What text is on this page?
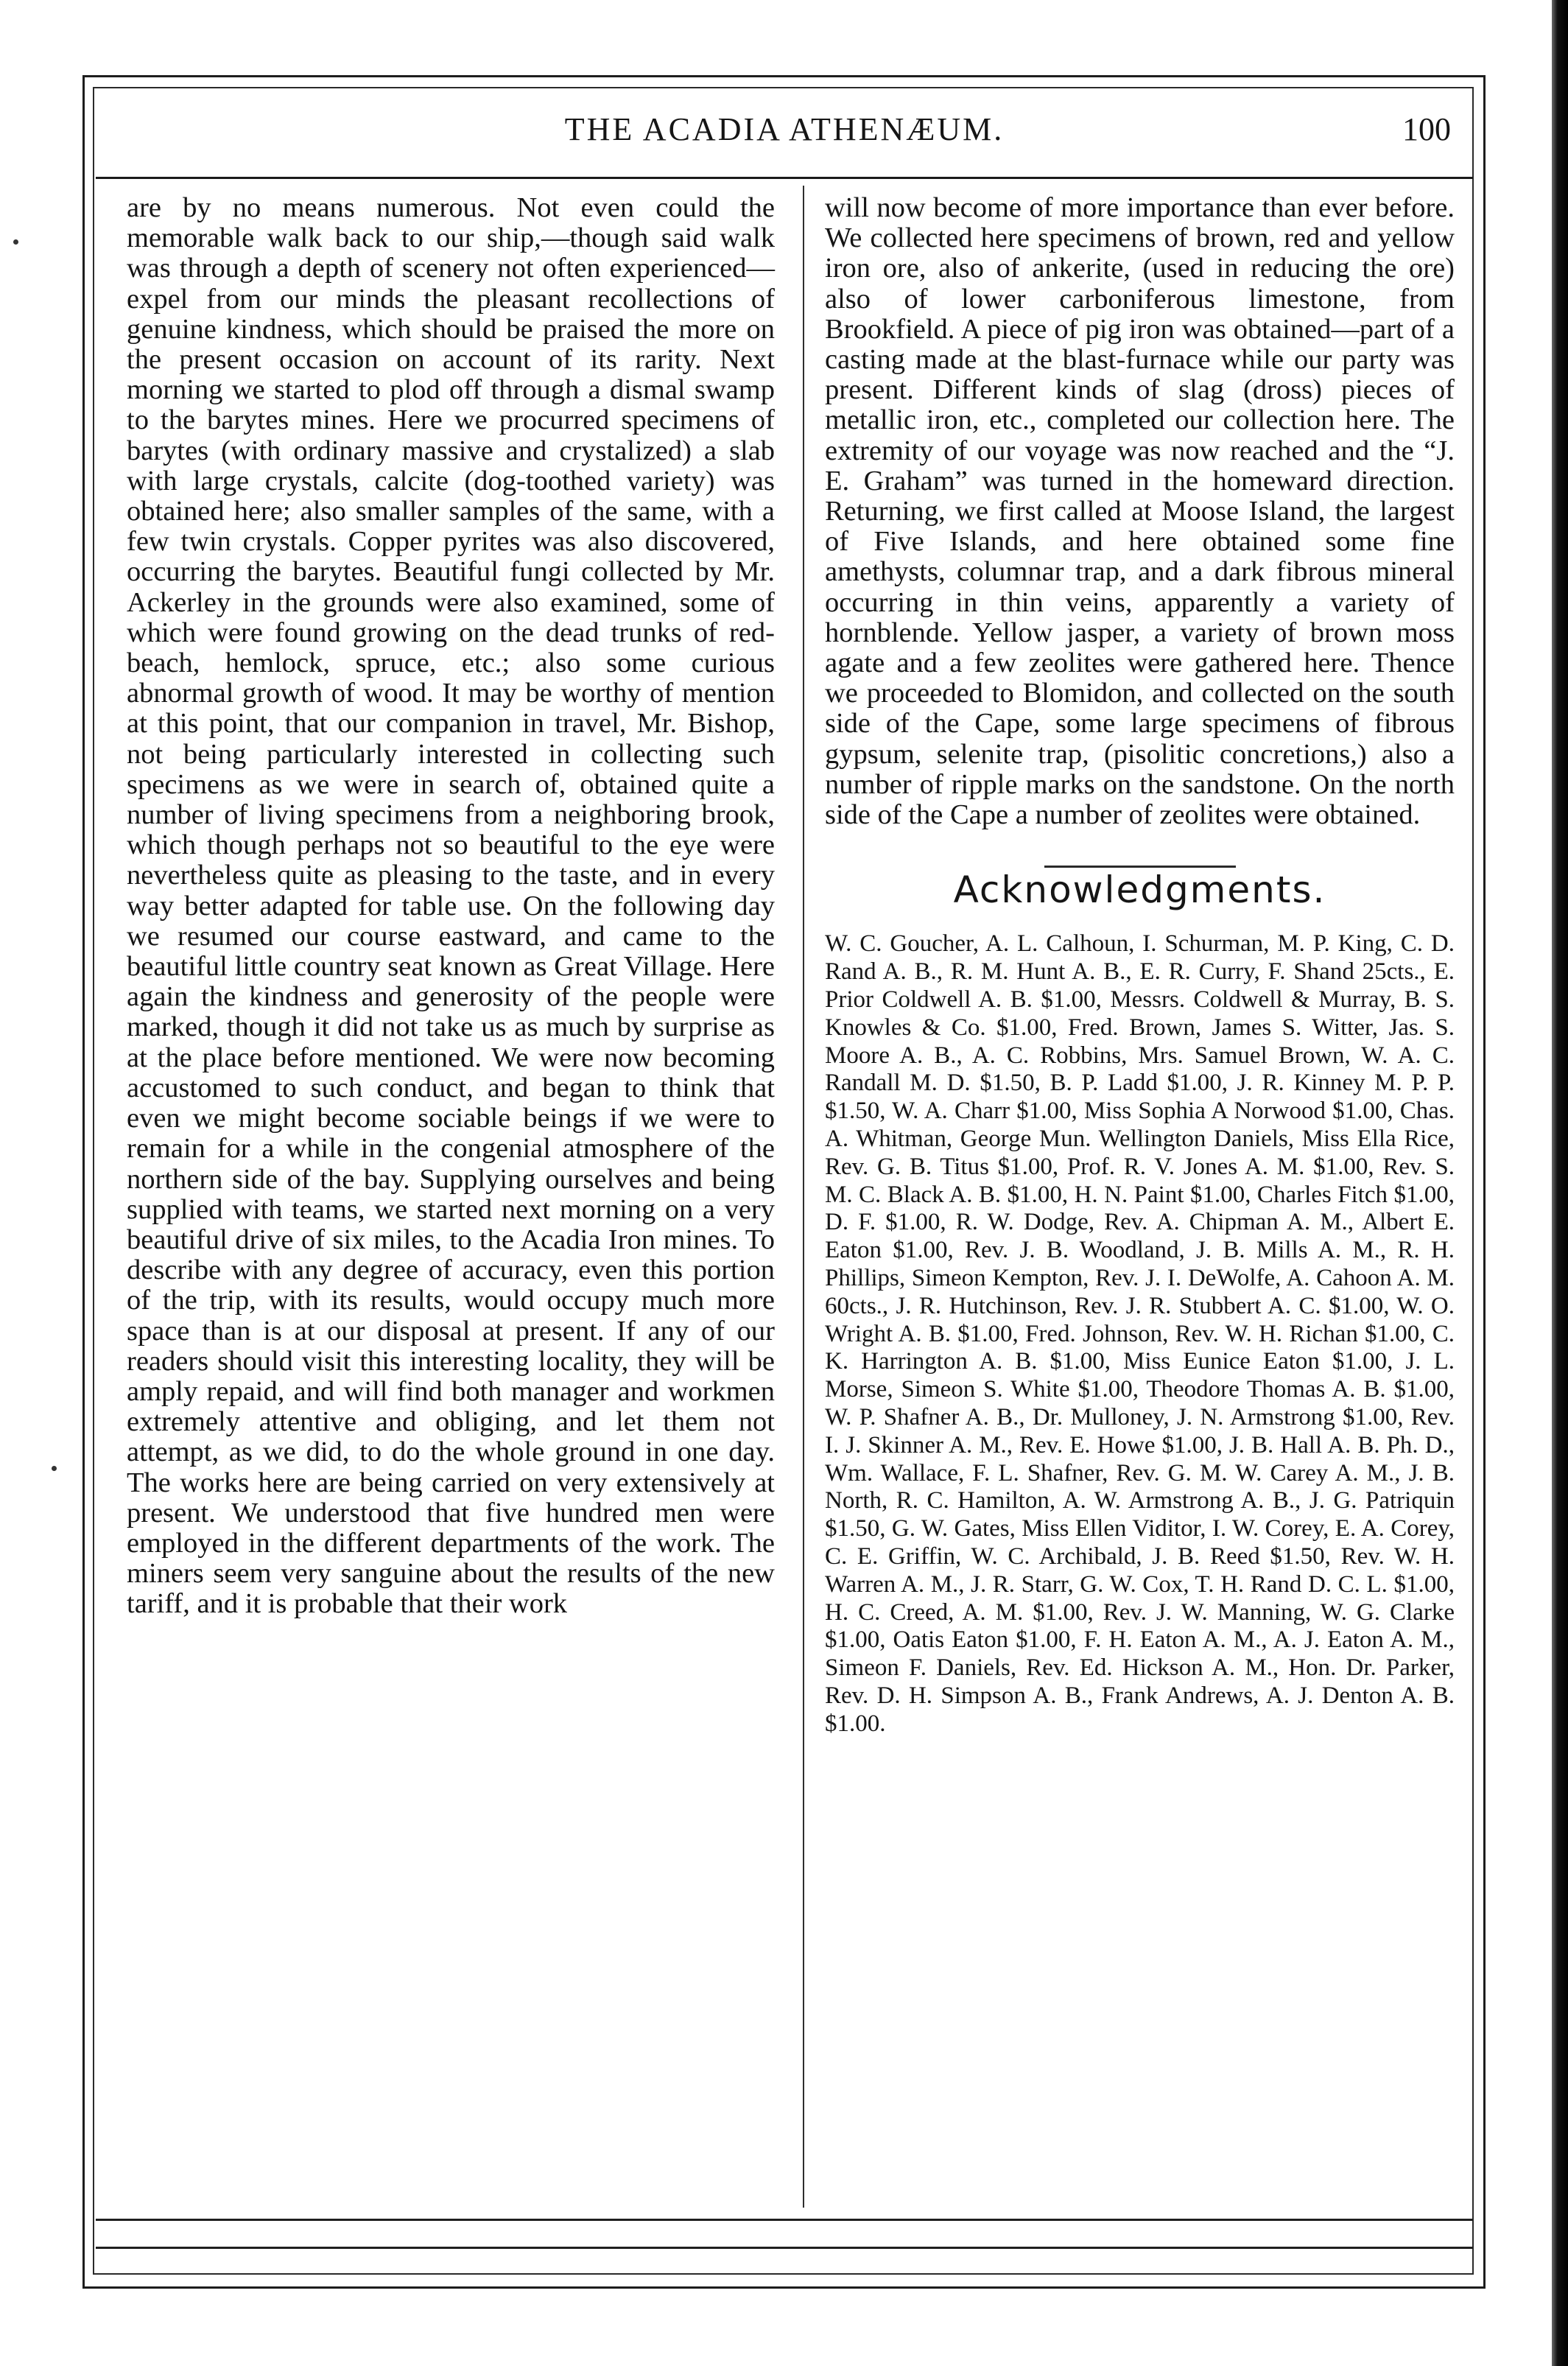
THE ACADIA ATHENÆUM.	100

are by no means numerous. Not even could the memorable walk back to our ship,—though said walk was through a depth of scenery not often experienced—expel from our minds the pleasant recollections of genuine kindness, which should be praised the more on the present occasion on account of its rarity. Next morning we started to plod off through a dismal swamp to the barytes mines. Here we procurred specimens of barytes (with ordinary massive and crystalized) a slab with large crystals, calcite (dog-toothed variety) was obtained here; also smaller samples of the same, with a few twin crystals. Copper pyrites was also discovered, occurring the barytes. Beautiful fungi collected by Mr. Ackerley in the grounds were also examined, some of which were found growing on the dead trunks of red-beach, hemlock, spruce, etc.; also some curious abnormal growth of wood. It may be worthy of mention at this point, that our companion in travel, Mr. Bishop, not being particularly interested in collecting such specimens as we were in search of, obtained quite a number of living specimens from a neighboring brook, which though perhaps not so beautiful to the eye were nevertheless quite as pleasing to the taste, and in every way better adapted for table use. On the following day we resumed our course eastward, and came to the beautiful little country seat known as Great Village. Here again the kindness and generosity of the people were marked, though it did not take us as much by surprise as at the place before mentioned. We were now becoming accustomed to such conduct, and began to think that even we might become sociable beings if we were to remain for a while in the congenial atmosphere of the northern side of the bay. Supplying ourselves and being supplied with teams, we started next morning on a very beautiful drive of six miles, to the Acadia Iron mines. To describe with any degree of accuracy, even this portion of the trip, with its results, would occupy much more space than is at our disposal at present. If any of our readers should visit this interesting locality, they will be amply repaid, and will find both manager and workmen extremely attentive and obliging, and let them not attempt, as we did, to do the whole ground in one day. The works here are being carried on very extensively at present. We understood that five hundred men were employed in the different departments of the work. The miners seem very sanguine about the results of the new tariff, and it is probable that their work

will now become of more importance than ever before. We collected here specimens of brown, red and yellow iron ore, also of ankerite, (used in reducing the ore) also of lower carboniferous limestone, from Brookfield. A piece of pig iron was obtained—part of a casting made at the blast-furnace while our party was present. Different kinds of slag (dross) pieces of metallic iron, etc., completed our collection here. The extremity of our voyage was now reached and the “J. E. Graham” was turned in the homeward direction. Returning, we first called at Moose Island, the largest of Five Islands, and here obtained some fine amethysts, columnar trap, and a dark fibrous mineral occurring in thin veins, apparently a variety of hornblende. Yellow jasper, a variety of brown moss agate and a few zeolites were gathered here. Thence we proceeded to Blomidon, and collected on the south side of the Cape, some large specimens of fibrous gypsum, selenite trap, (pisolitic concretions,) also a number of ripple marks on the sandstone. On the north side of the Cape a number of zeolites were obtained.

Acknowledgments.

W. C. Goucher, A. L. Calhoun, I. Schurman, M. P. King, C. D. Rand A. B., R. M. Hunt A. B., E. R. Curry, F. Shand 25cts., E. Prior Coldwell A. B. $1.00, Messrs. Coldwell & Murray, B. S. Knowles & Co. $1.00, Fred. Brown, James S. Witter, Jas. S. Moore A. B., A. C. Robbins, Mrs. Samuel Brown, W. A. C. Randall M. D. $1.50, B. P. Ladd $1.00, J. R. Kinney M. P. P. $1.50, W. A. Charr $1.00, Miss Sophia A Norwood $1.00, Chas. A. Whitman, George Mun. Wellington Daniels, Miss Ella Rice, Rev. G. B. Titus $1.00, Prof. R. V. Jones A. M. $1.00, Rev. S. M. C. Black A. B. $1.00, H. N. Paint $1.00, Charles Fitch $1.00, D. F. $1.00, R. W. Dodge, Rev. A. Chipman A. M., Albert E. Eaton $1.00, Rev. J. B. Woodland, J. B. Mills A. M., R. H. Phillips, Simeon Kempton, Rev. J. I. DeWolfe, A. Cahoon A. M. 60cts., J. R. Hutchinson, Rev. J. R. Stubbert A. C. $1.00, W. O. Wright A. B. $1.00, Fred. Johnson, Rev. W. H. Richan $1.00, C. K. Harrington A. B. $1.00, Miss Eunice Eaton $1.00, J. L. Morse, Simeon S. White $1.00, Theodore Thomas A. B. $1.00, W. P. Shafner A. B., Dr. Mulloney, J. N. Armstrong $1.00, Rev. I. J. Skinner A. M., Rev. E. Howe $1.00, J. B. Hall A. B. Ph. D., Wm. Wallace, F. L. Shafner, Rev. G. M. W. Carey A. M., J. B. North, R. C. Hamilton, A. W. Armstrong A. B., J. G. Patriquin $1.50, G. W. Gates, Miss Ellen Viditor, I. W. Corey, E. A. Corey, C. E. Griffin, W. C. Archibald, J. B. Reed $1.50, Rev. W. H. Warren A. M., J. R. Starr, G. W. Cox, T. H. Rand D. C. L. $1.00, H. C. Creed, A. M. $1.00, Rev. J. W. Manning, W. G. Clarke $1.00, Oatis Eaton $1.00, F. H. Eaton A. M., A. J. Eaton A. M., Simeon F. Daniels, Rev. Ed. Hickson A. M., Hon. Dr. Parker, Rev. D. H. Simpson A. B., Frank Andrews, A. J. Denton A. B. $1.00.
